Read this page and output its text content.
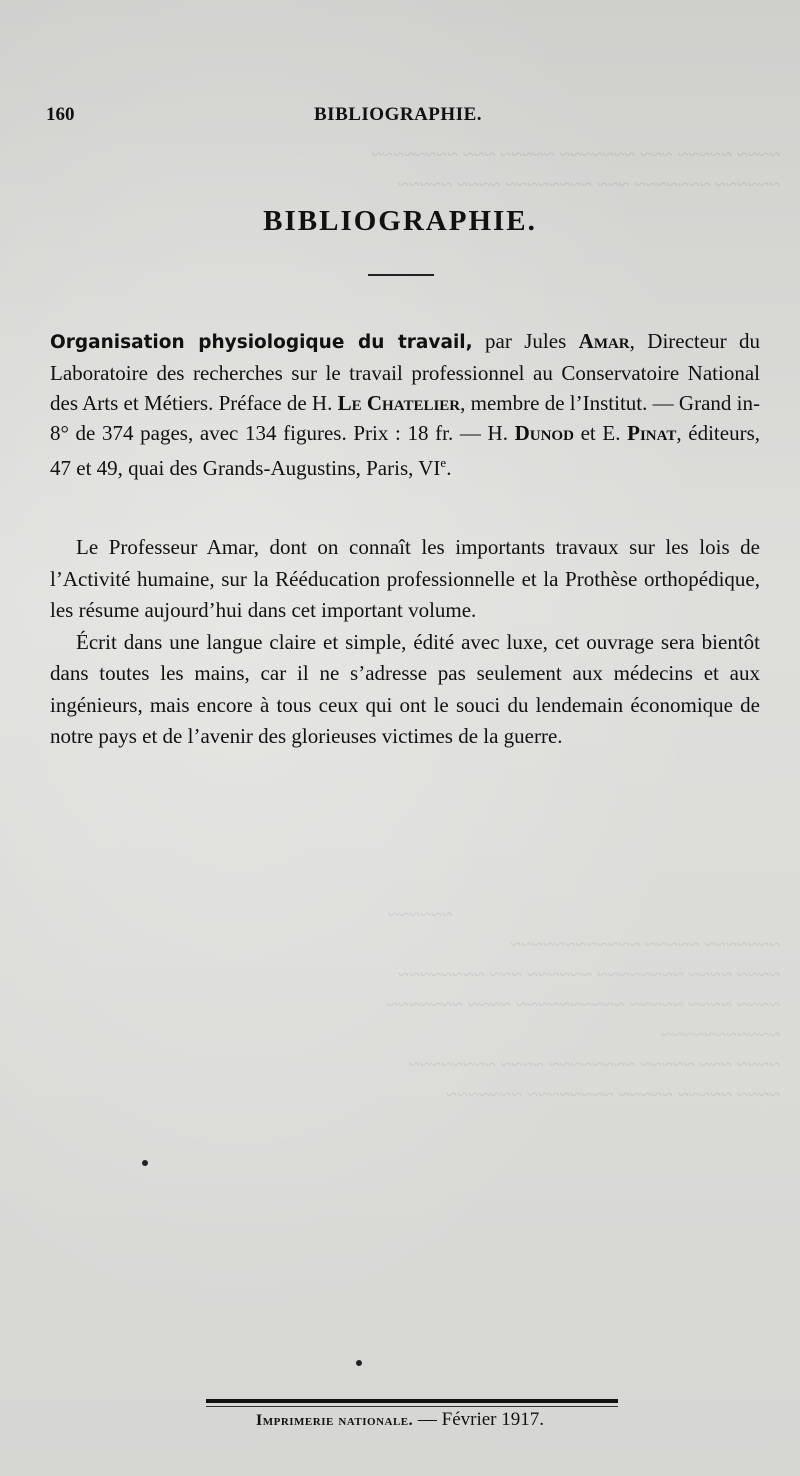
~~~~ ~~~~~ ~~~ ~~~~~~~ ~~~~~ ~~~ ~~~~~~~~
~~~~~~ ~~~~~~~ ~~~ ~~~~~~~~ ~~~~ ~~~~~
~~~~~~
~~~~~~~ ~~~~~ ~~~~~~~~~~~~
~~~~ ~~~~ ~~~~~~~~ ~~~~~~ ~~~ ~~~~~~~~
~~~~ ~~~~ ~~~~~ ~~~~~~~~~~ ~~~~ ~~~~~~~
~~~~~~~~~~~
~~~~ ~~~ ~~~~~ ~~~~~~~~ ~~~~ ~~~~~~~~
~~~~ ~~~~~ ~~~~~ ~~~~~~~~ ~~~~~~~
160	BIBLIOGRAPHIE.
BIBLIOGRAPHIE.
Organisation physiologique du travail, par Jules Amar, Directeur du Laboratoire des recherches sur le travail professionnel au Conservatoire National des Arts et Métiers. Préface de H. Le Chatelier, membre de l’Institut. — Grand in-8° de 374 pages, avec 134 figures. Prix : 18 fr. — H. Dunod et E. Pinat, éditeurs, 47 et 49, quai des Grands-Augustins, Paris, VIe.

Le Professeur Amar, dont on connaît les importants travaux sur les lois de l’Activité humaine, sur la Rééducation professionnelle et la Prothèse orthopédique, les résume aujourd’hui dans cet important volume.

Écrit dans une langue claire et simple, édité avec luxe, cet ouvrage sera bientôt dans toutes les mains, car il ne s’adresse pas seulement aux médecins et aux ingénieurs, mais encore à tous ceux qui ont le souci du lendemain économique de notre pays et de l’avenir des glorieuses victimes de la guerre.

Imprimerie nationale. — Février 1917.
